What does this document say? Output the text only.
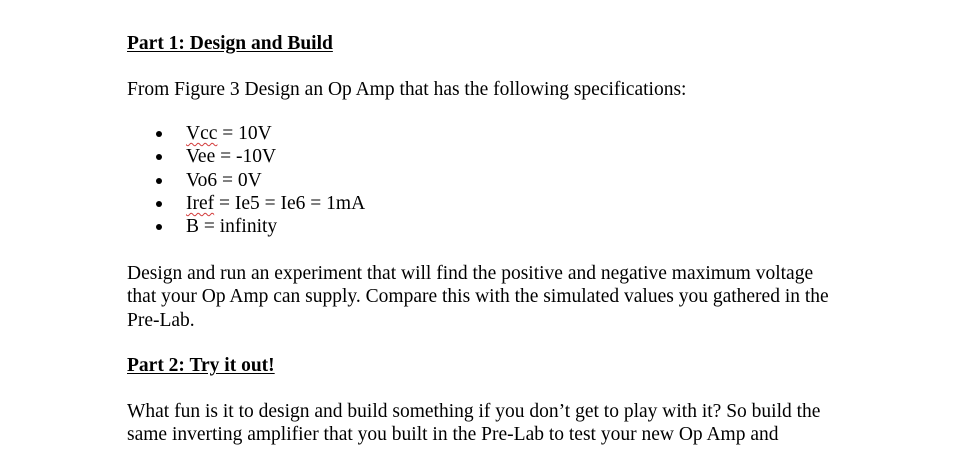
Part 1: Design and Build

From Figure 3 Design an Op Amp that has the following specifications:

Vcc = 10V
Vee = -10V
Vo6 = 0V
Iref = Ie5 = Ie6 = 1mA
B = infinity

Design and run an experiment that will find the positive and negative maximum voltage that your Op Amp can supply. Compare this with the simulated values you gathered in the Pre-Lab.

Part 2: Try it out!

What fun is it to design and build something if you don’t get to play with it? So build the same inverting amplifier that you built in the Pre-Lab to test your new Op Amp and
